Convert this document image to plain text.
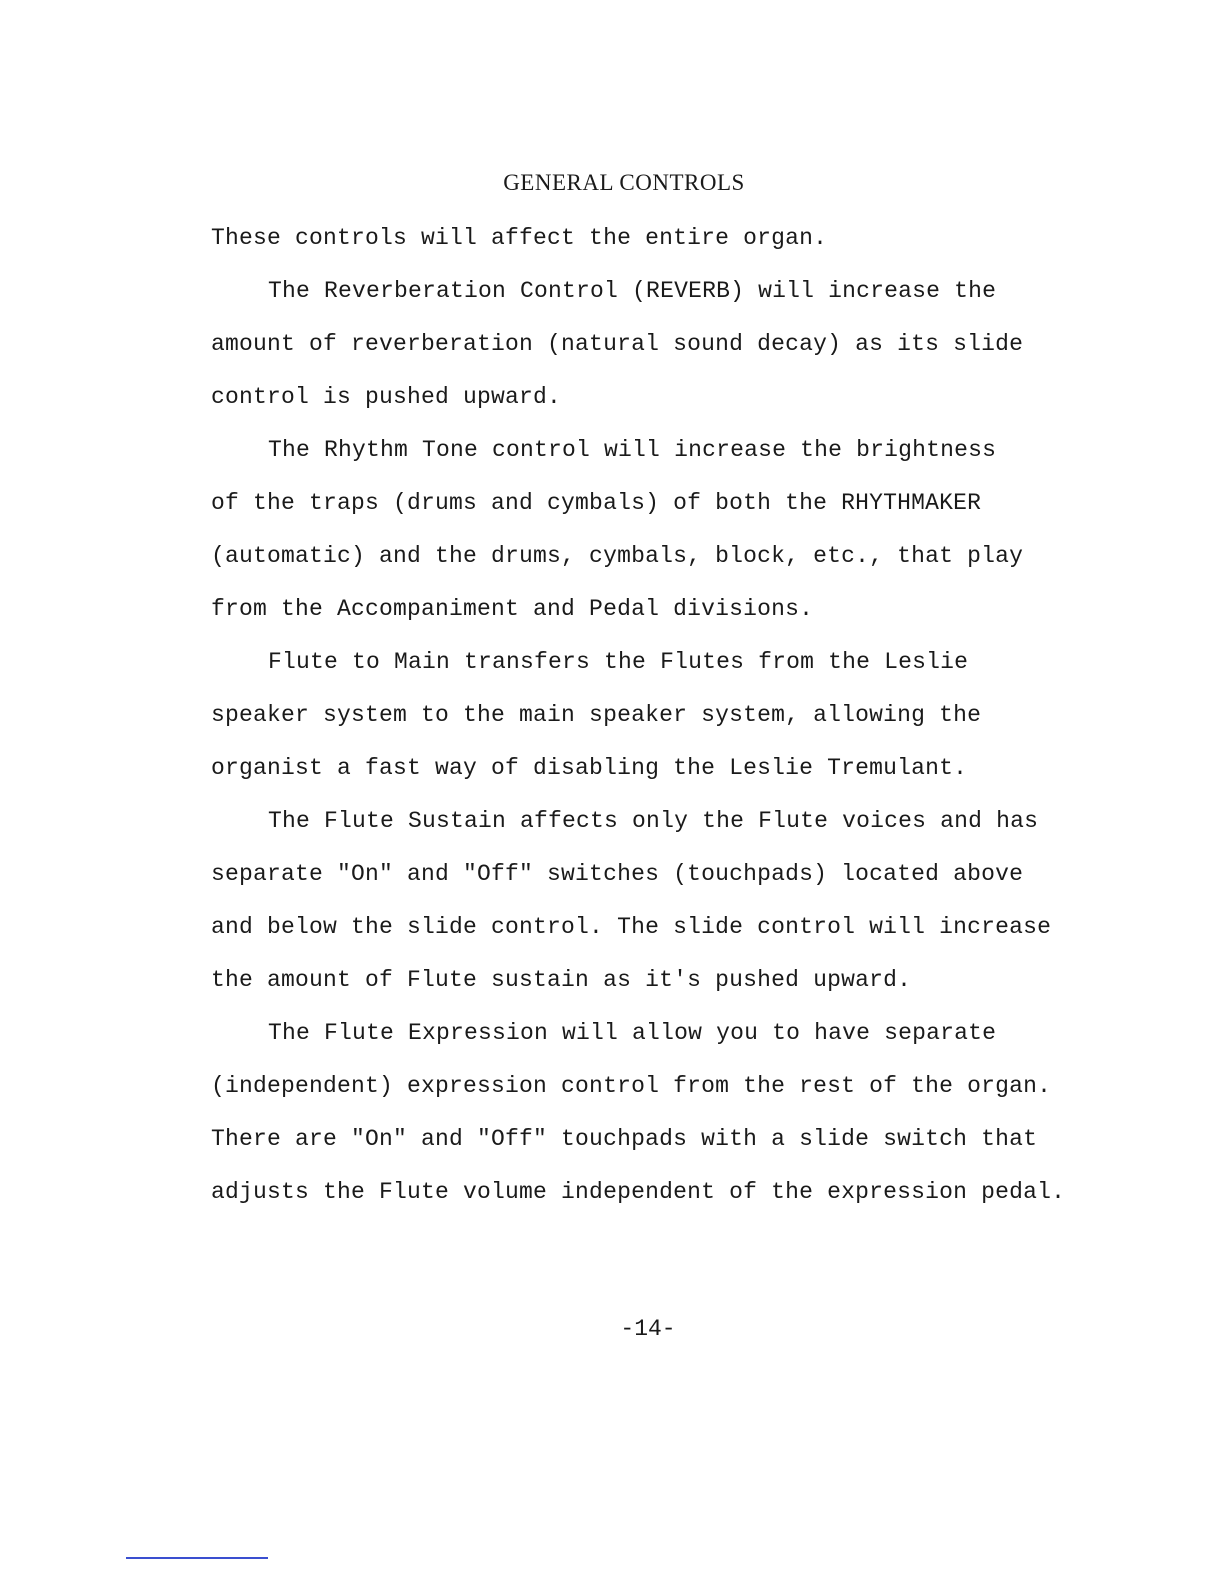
GENERAL CONTROLS
These controls will affect the entire organ.
The Reverberation Control (REVERB) will increase the
amount of reverberation (natural sound decay) as its slide
control is pushed upward.
The Rhythm Tone control will increase the brightness
of the traps (drums and cymbals) of both the RHYTHMAKER
(automatic) and the drums, cymbals, block, etc., that play
from the Accompaniment and Pedal divisions.
Flute to Main transfers the Flutes from the Leslie
speaker system to the main speaker system, allowing the
organist a fast way of disabling the Leslie Tremulant.
The Flute Sustain affects only the Flute voices and has
separate "On" and "Off" switches (touchpads) located above
and below the slide control. The slide control will increase
the amount of Flute sustain as it's pushed upward.
The Flute Expression will allow you to have separate
(independent) expression control from the rest of the organ.
There are "On" and "Off" touchpads with a slide switch that
adjusts the Flute volume independent of the expression pedal.
-14-
